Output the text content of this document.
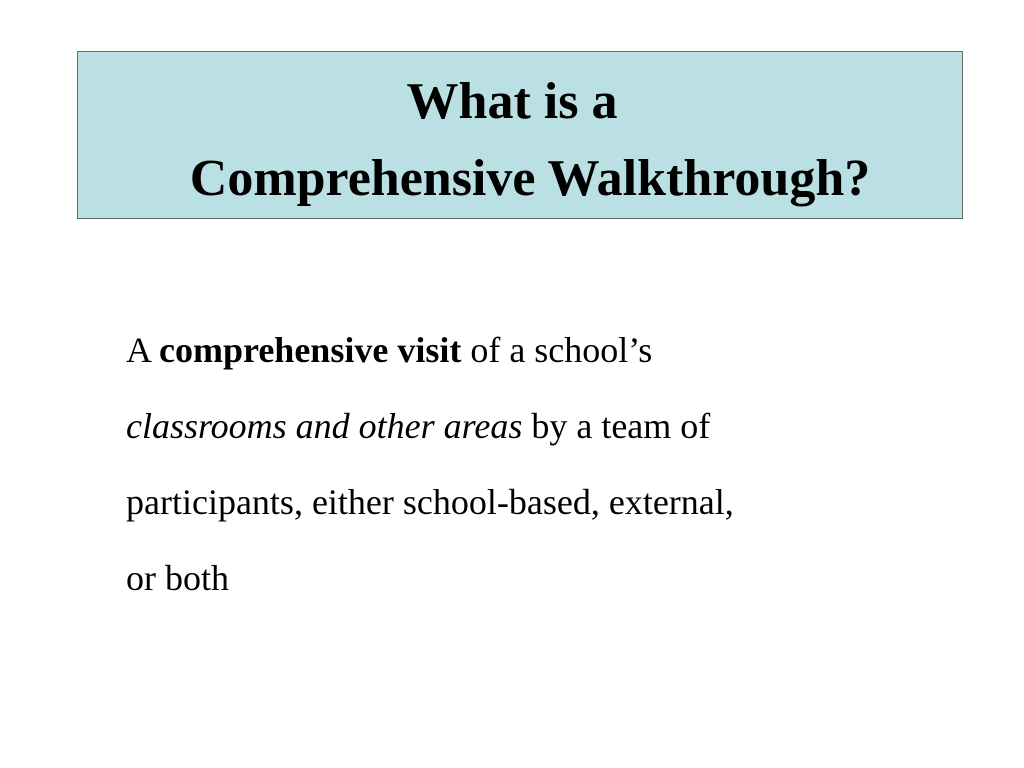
What is a
Comprehensive Walkthrough?
A comprehensive visit of a school’s
classrooms and other areas by a team of
participants, either school-based, external,
or both
